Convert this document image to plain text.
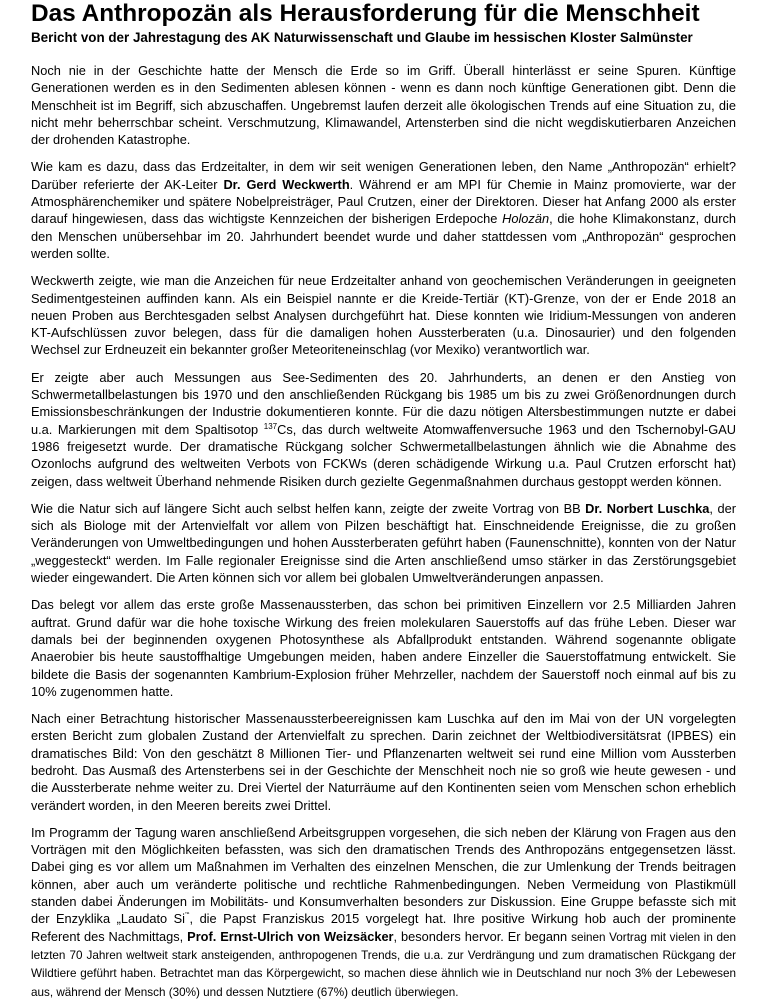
Das Anthropozän als Herausforderung für die Menschheit
Bericht von der Jahrestagung des AK Naturwissenschaft und Glaube im hessischen Kloster Salmünster

Noch nie in der Geschichte hatte der Mensch die Erde so im Griff. Überall hinterlässt er seine Spuren. Künftige Generationen werden es in den Sedimenten ablesen können - wenn es dann noch künftige Generationen gibt. Denn die Menschheit ist im Begriff, sich abzuschaffen. Ungebremst laufen derzeit alle ökologischen Trends auf eine Situation zu, die nicht mehr beherrschbar scheint. Verschmutzung, Klimawandel, Artensterben sind die nicht wegdiskutierbaren Anzeichen der drohenden Katastrophe.

Wie kam es dazu, dass das Erdzeitalter, in dem wir seit wenigen Generationen leben, den Name „Anthropozän“ erhielt? Darüber referierte der AK-Leiter Dr. Gerd Weckwerth. Während er am MPI für Chemie in Mainz promovierte, war der Atmosphärenchemiker und spätere Nobelpreisträger, Paul Crutzen, einer der Direktoren. Dieser hat Anfang 2000 als erster darauf hingewiesen, dass das wichtigste Kennzeichen der bisherigen Erdepoche Holozän, die hohe Klimakonstanz, durch den Menschen unübersehbar im 20. Jahrhundert beendet wurde und daher stattdessen vom „Anthropozän“ gesprochen werden sollte.

Weckwerth zeigte, wie man die Anzeichen für neue Erdzeitalter anhand von geochemischen Veränderungen in geeigneten Sedimentgesteinen auffinden kann. Als ein Beispiel nannte er die Kreide-Tertiär (KT)-Grenze, von der er Ende 2018 an neuen Proben aus Berchtesgaden selbst Analysen durchgeführt hat. Diese konnten wie Iridium-Messungen von anderen KT-Aufschlüssen zuvor belegen, dass für die damaligen hohen Aussterberaten (u.a. Dinosaurier) und den folgenden Wechsel zur Erdneuzeit ein bekannter großer Meteoriteneinschlag (vor Mexiko) verantwortlich war.

Er zeigte aber auch Messungen aus See-Sedimenten des 20. Jahrhunderts, an denen er den Anstieg von Schwermetallbelastungen bis 1970 und den anschließenden Rückgang bis 1985 um bis zu zwei Größenordnungen durch Emissionsbeschränkungen der Industrie dokumentieren konnte. Für die dazu nötigen Altersbestimmungen nutzte er dabei u.a. Markierungen mit dem Spaltisotop $^{137}$Cs, das durch weltweite Atomwaffenversuche 1963 und den Tschernobyl-GAU 1986 freigesetzt wurde. Der dramatische Rückgang solcher Schwermetallbelastungen ähnlich wie die Abnahme des Ozonlochs aufgrund des weltweiten Verbots von FCKWs (deren schädigende Wirkung u.a. Paul Crutzen erforscht hat) zeigen, dass weltweit Überhand nehmende Risiken durch gezielte Gegenmaßnahmen durchaus gestoppt werden können.

Wie die Natur sich auf längere Sicht auch selbst helfen kann, zeigte der zweite Vortrag von BB Dr. Norbert Luschka, der sich als Biologe mit der Artenvielfalt vor allem von Pilzen beschäftigt hat. Einschneidende Ereignisse, die zu großen Veränderungen von Umweltbedingungen und hohen Aussterberaten geführt haben (Faunenschnitte), konnten von der Natur „weggesteckt“ werden. Im Falle regionaler Ereignisse sind die Arten anschließend umso stärker in das Zerstörungsgebiet wieder eingewandert. Die Arten können sich vor allem bei globalen Umweltveränderungen anpassen.

Das belegt vor allem das erste große Massenaussterben, das schon bei primitiven Einzellern vor 2.5 Milliarden Jahren auftrat. Grund dafür war die hohe toxische Wirkung des freien molekularen Sauerstoffs auf das frühe Leben. Dieser war damals bei der beginnenden oxygenen Photosynthese als Abfallprodukt entstanden. Während sogenannte obligate Anaerobier bis heute saustoffhaltige Umgebungen meiden, haben andere Einzeller die Sauerstoffatmung entwickelt. Sie bildete die Basis der sogenannten Kambrium-Explosion früher Mehrzeller, nachdem der Sauerstoff noch einmal auf bis zu 10% zugenommen hatte.

Nach einer Betrachtung historischer Massenaussterbeereignissen kam Luschka auf den im Mai von der UN vorgelegten ersten Bericht zum globalen Zustand der Artenvielfalt zu sprechen. Darin zeichnet der Weltbiodiversitätsrat (IPBES) ein dramatisches Bild: Von den geschätzt 8 Millionen Tier- und Pflanzenarten weltweit sei rund eine Million vom Aussterben bedroht. Das Ausmaß des Artensterbens sei in der Geschichte der Menschheit noch nie so groß wie heute gewesen - und die Aussterberate nehme weiter zu. Drei Viertel der Naturräume auf den Kontinenten seien vom Menschen schon erheblich verändert worden, in den Meeren bereits zwei Drittel.

Im Programm der Tagung waren anschließend Arbeitsgruppen vorgesehen, die sich neben der Klärung von Fragen aus den Vorträgen mit den Möglichkeiten befassten, was sich den dramatischen Trends des Anthropozäns entgegensetzen lässt. Dabei ging es vor allem um Maßnahmen im Verhalten des einzelnen Menschen, die zur Umlenkung der Trends beitragen können, aber auch um veränderte politische und rechtliche Rahmenbedingungen. Neben Vermeidung von Plastikmüll standen dabei Änderungen im Mobilitäts- und Konsumverhalten besonders zur Diskussion. Eine Gruppe befasste sich mit der Enzyklika „Laudato Si’“, die Papst Franziskus 2015 vorgelegt hat. Ihre positive Wirkung hob auch der prominente Referent des Nachmittags, Prof. Ernst-Ulrich von Weizsäcker, besonders hervor. Er begann seinen Vortrag mit vielen in den letzten 70 Jahren weltweit stark ansteigenden, anthropogenen Trends, die u.a. zur Verdrängung und zum dramatischen Rückgang der Wildtiere geführt haben. Betrachtet man das Körpergewicht, so machen diese ähnlich wie in Deutschland nur noch 3% der Lebewesen aus, während der Mensch (30%) und dessen Nutztiere (67%) deutlich überwiegen.
